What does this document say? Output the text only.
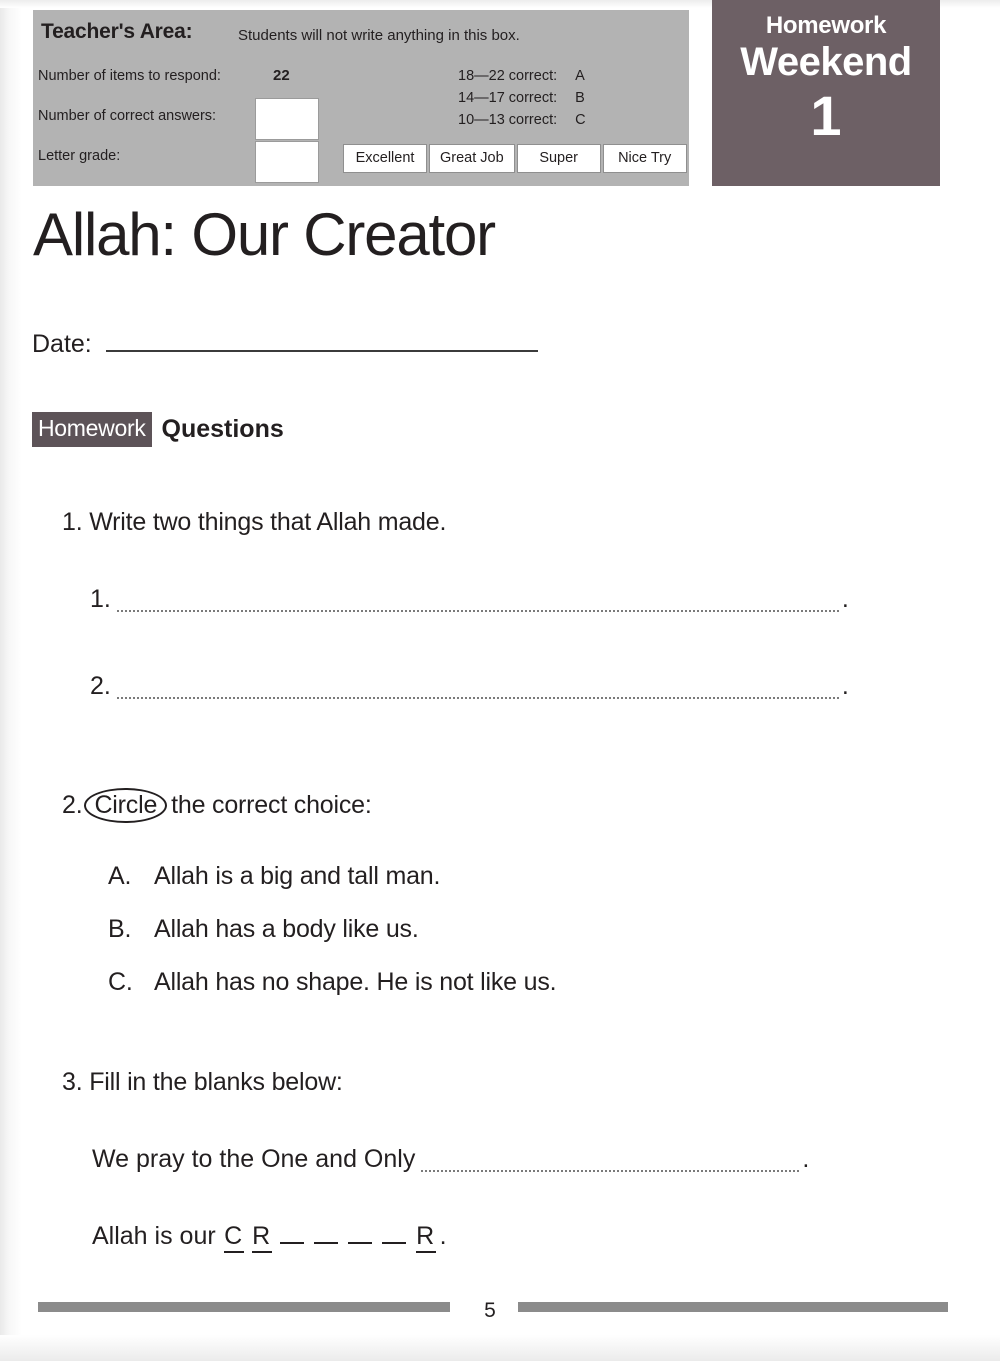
Teacher's Area:	Students will not write anything in this box.
Number of items to respond:	22
Number of correct answers:
Letter grade:
18—22 correct: A
14—17 correct: B
10—13 correct: C
Excellent	Great Job	Super	Nice Try
Homework
Weekend
1
Allah: Our Creator
Date:
Homework Questions
1. Write two things that Allah made.
1.	.
2.	.
2. Circle the correct choice:
A. Allah is a big and tall man.
B. Allah has a body like us.
C. Allah has no shape. He is not like us.
3. Fill in the blanks below:
We pray to the One and Only	.
Allah is our C R	R .
5
